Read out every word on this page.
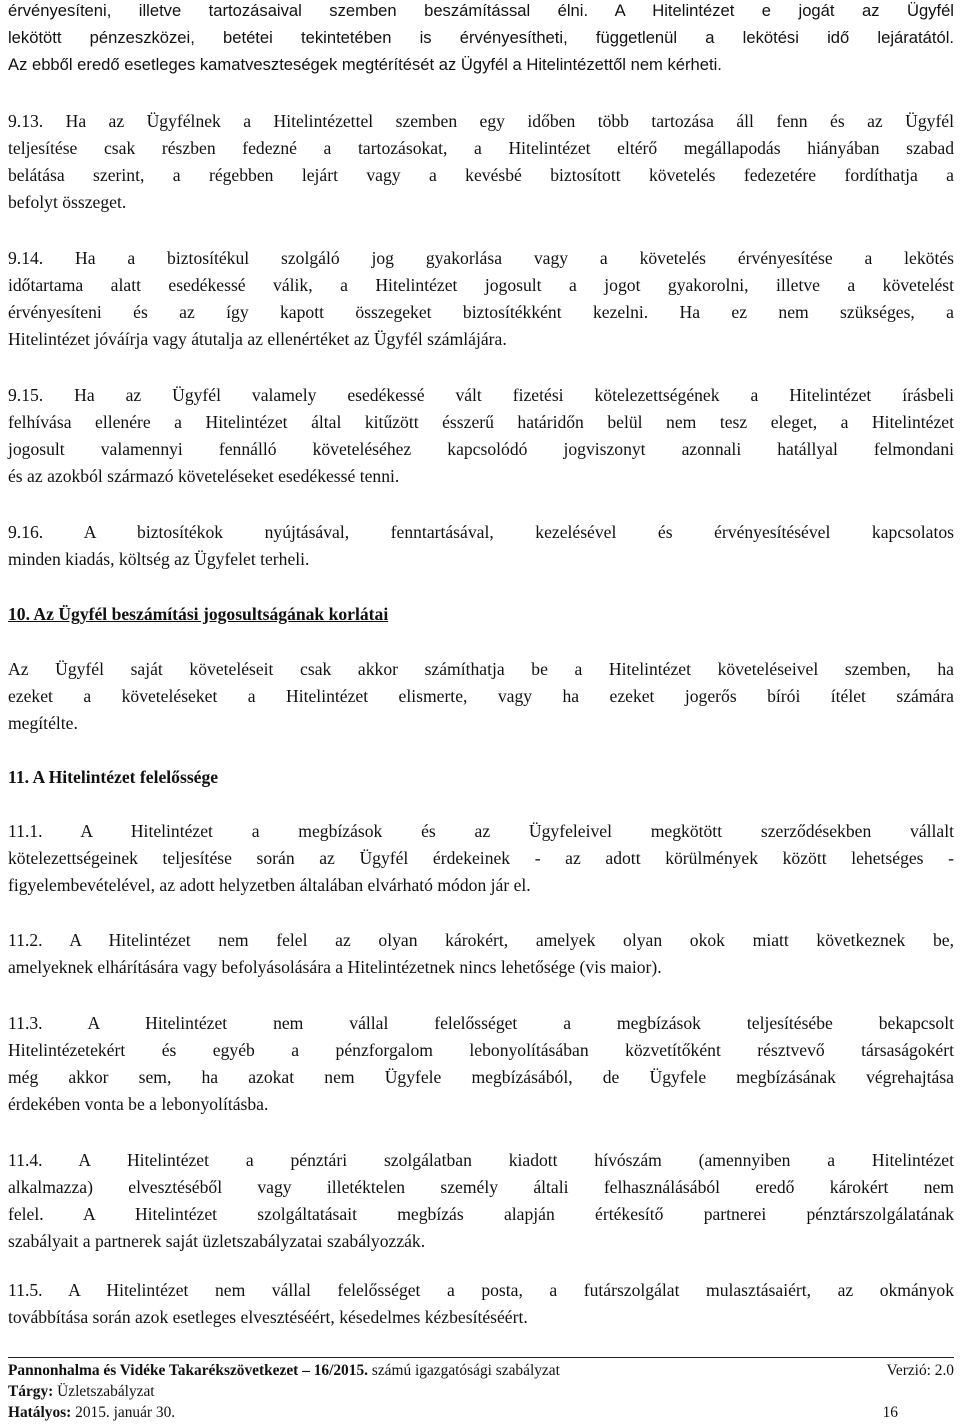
érvényesíteni, illetve tartozásaival szemben beszámítással élni. A Hitelintézet e jogát az Ügyfél
lekötött pénzeszközei, betétei tekintetében is érvényesítheti, függetlenül a lekötési idő lejáratától.
Az ebből eredő esetleges kamatveszteségek megtérítését az Ügyfél a Hitelintézettől nem kérheti.
9.13. Ha az Ügyfélnek a Hitelintézettel szemben egy időben több tartozása áll fenn és az Ügyfél
teljesítése csak részben fedezné a tartozásokat, a Hitelintézet eltérő megállapodás hiányában szabad
belátása szerint, a régebben lejárt vagy a kevésbé biztosított követelés fedezetére fordíthatja a
befolyt összeget.
9.14. Ha a biztosítékul szolgáló jog gyakorlása vagy a követelés érvényesítése a lekötés
időtartama alatt esedékessé válik, a Hitelintézet jogosult a jogot gyakorolni, illetve a követelést
érvényesíteni és az így kapott összegeket biztosítékként kezelni. Ha ez nem szükséges, a
Hitelintézet jóváírja vagy átutalja az ellenértéket az Ügyfél számlájára.
9.15. Ha az Ügyfél valamely esedékessé vált fizetési kötelezettségének a Hitelintézet írásbeli
felhívása ellenére a Hitelintézet által kitűzött ésszerű határidőn belül nem tesz eleget, a Hitelintézet
jogosult valamennyi fennálló követeléséhez kapcsolódó jogviszonyt azonnali hatállyal felmondani
és az azokból származó követeléseket esedékessé tenni.
9.16. A biztosítékok nyújtásával, fenntartásával, kezelésével és érvényesítésével kapcsolatos
minden kiadás, költség az Ügyfelet terheli.
10. Az Ügyfél beszámítási jogosultságának korlátai
Az Ügyfél saját követeléseit csak akkor számíthatja be a Hitelintézet követeléseivel szemben, ha
ezeket a követeléseket a Hitelintézet elismerte, vagy ha ezeket jogerős bírói ítélet számára
megítélte.
11. A Hitelintézet felelőssége
11.1. A Hitelintézet a megbízások és az Ügyfeleivel megkötött szerződésekben vállalt
kötelezettségeinek teljesítése során az Ügyfél érdekeinek - az adott körülmények között lehetséges -
figyelembevételével, az adott helyzetben általában elvárható módon jár el.
11.2. A Hitelintézet nem felel az olyan károkért, amelyek olyan okok miatt következnek be,
amelyeknek elhárítására vagy befolyásolására a Hitelintézetnek nincs lehetősége (vis maior).
11.3. A Hitelintézet nem vállal felelősséget a megbízások teljesítésébe bekapcsolt
Hitelintézetekért és egyéb a pénzforgalom lebonyolításában közvetítőként résztvevő társaságokért
még akkor sem, ha azokat nem Ügyfele megbízásából, de Ügyfele megbízásának végrehajtása
érdekében vonta be a lebonyolításba.
11.4. A Hitelintézet a pénztári szolgálatban kiadott hívószám (amennyiben a Hitelintézet
alkalmazza) elvesztéséből vagy illetéktelen személy általi felhasználásából eredő károkért nem
felel. A Hitelintézet szolgáltatásait megbízás alapján értékesítő partnerei pénztárszolgálatának
szabályait a partnerek saját üzletszabályzatai szabályozzák.
11.5. A Hitelintézet nem vállal felelősséget a posta, a futárszolgálat mulasztásaiért, az okmányok
továbbítása során azok esetleges elvesztéséért, késedelmes kézbesítéséért.
Pannonhalma és Vidéke Takarékszövetkezet – 16/2015. számú igazgatósági szabályzat	Verzió: 2.0
Tárgy: Üzletszabályzat
Hatályos: 2015. január 30.	16
